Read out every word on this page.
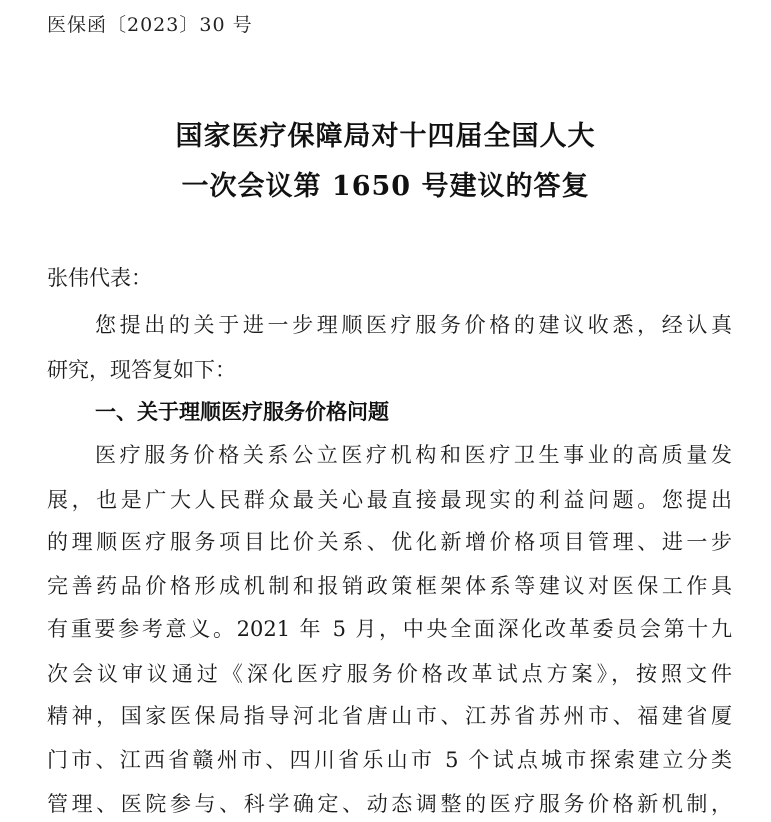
医保函〔2023〕30 号
国家医疗保障局对十四届全国人大
一次会议第 1650 号建议的答复
张伟代表：
您提出的关于进一步理顺医疗服务价格的建议收悉，经认真
研究，现答复如下：
一、关于理顺医疗服务价格问题
医疗服务价格关系公立医疗机构和医疗卫生事业的高质量发
展，也是广大人民群众最关心最直接最现实的利益问题。您提出
的理顺医疗服务项目比价关系、优化新增价格项目管理、进一步
完善药品价格形成机制和报销政策框架体系等建议对医保工作具
有重要参考意义。2021 年 5 月，中央全面深化改革委员会第十九
次会议审议通过《深化医疗服务价格改革试点方案》，按照文件
精神，国家医保局指导河北省唐山市、江苏省苏州市、福建省厦
门市、江西省赣州市、四川省乐山市 5 个试点城市探索建立分类
管理、医院参与、科学确定、动态调整的医疗服务价格新机制，
